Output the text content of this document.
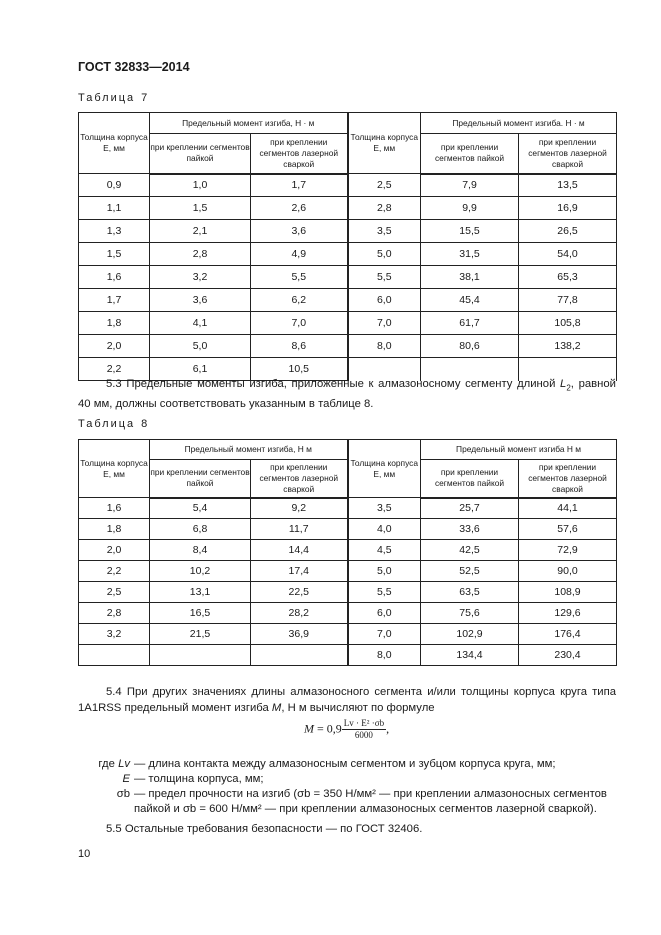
ГОСТ 32833—2014
Таблица 7
Толщина корпуса E, мм	Предельный момент изгиба, Н · м		Толщина корпуса E, мм	Предельный момент изгиба. Н · м	
	при креплении сегментов пайкой	при креплении сегментов лазерной сваркой		при креплении сегментов пайкой	при креплении сегментов лазерной сваркой
0,9	1,0	1,7	2,5	7,9	13,5
1,1	1,5	2,6	2,8	9,9	16,9
1,3	2,1	3,6	3,5	15,5	26,5
1,5	2,8	4,9	5,0	31,5	54,0
1,6	3,2	5,5	5,5	38,1	65,3
1,7	3,6	6,2	6,0	45,4	77,8
1,8	4,1	7,0	7,0	61,7	105,8
2,0	5,0	8,6	8,0	80,6	138,2
2,2	6,1	10,5			

5.3 Предельные моменты изгиба, приложенные к алмазоносному сегменту длиной $L_2$, равной 40 мм, должны соответствовать указанным в таблице 8.

Таблица 8
Толщина корпуса E, мм	Предельный момент изгиба, Н м		Толщина корпуса E, мм	Предельный момент изгиба Н м	
	при креплении сегментов пайкой	при креплении сегментов лазерной сваркой		при креплении сегментов пайкой	при креплении сегментов лазерной сваркой
1,6	5,4	9,2	3,5	25,7	44,1
1,8	6,8	11,7	4,0	33,6	57,6
2,0	8,4	14,4	4,5	42,5	72,9
2,2	10,2	17,4	5,0	52,5	90,0
2,5	13,1	22,5	5,5	63,5	108,9
2,8	16,5	28,2	6,0	75,6	129,6
3,2	21,5	36,9	7,0	102,9	176,4
			8,0	134,4	230,4

5.4 При других значениях длины алмазоносного сегмента и/или толщины корпуса круга типа 1A1RSS предельный момент изгиба M, Н м вычисляют по формуле

$M = 0,9 \frac{\text{Lv · E² ·σb}}{6000}$ ,
где Lv — длина контакта между алмазоносным сегментом и зубцом корпуса круга, мм;
E — толщина корпуса, мм;
σb — предел прочности на изгиб (σb = 350 Н/мм² — при креплении алмазоносных сегментов пайкой и σb = 600 Н/мм² — при креплении алмазоносных сегментов лазерной сваркой).

5.5 Остальные требования безопасности — по ГОСТ 32406.

10
